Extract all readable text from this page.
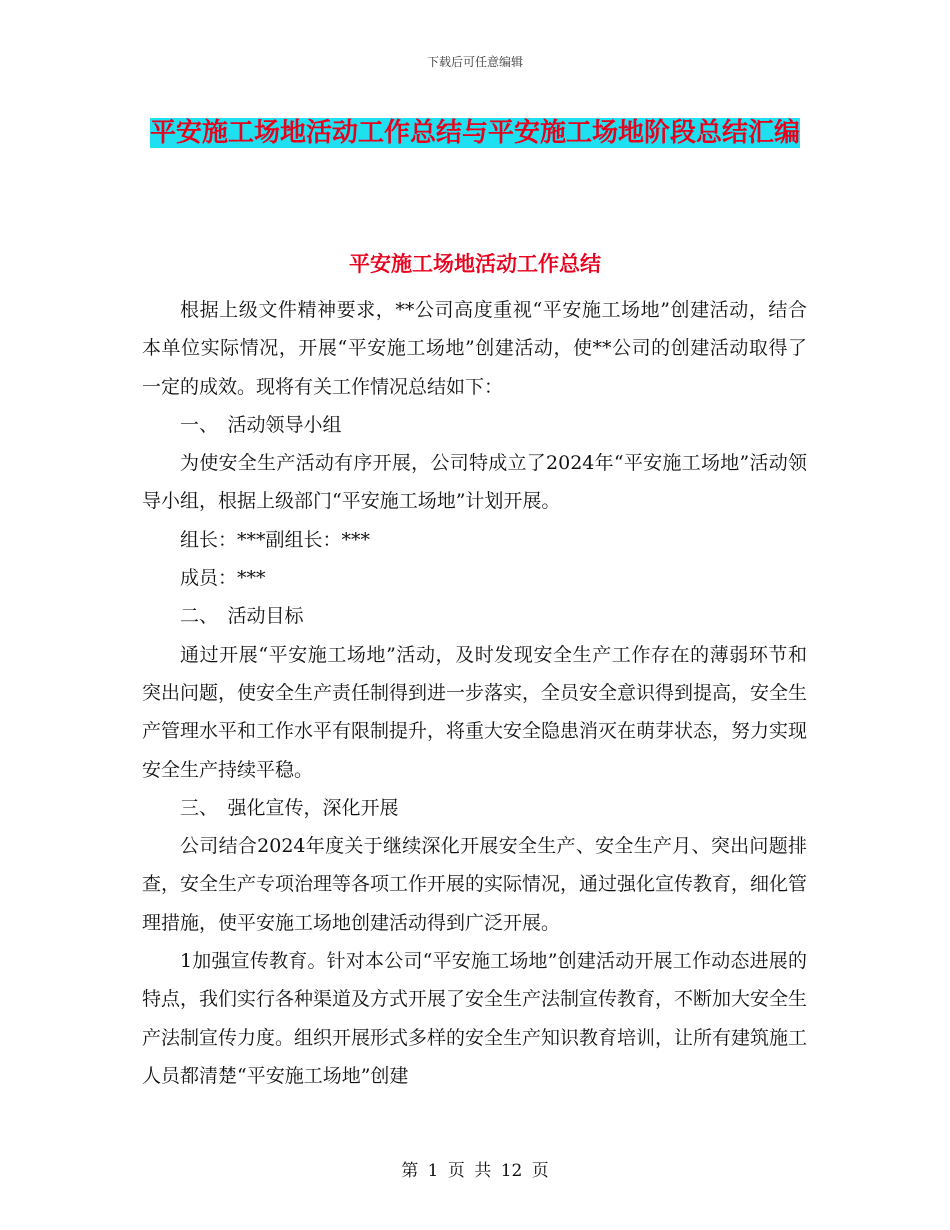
下载后可任意编辑
平安施工场地活动工作总结与平安施工场地阶段总结汇编
平安施工场地活动工作总结

根据上级文件精神要求，**公司高度重视“平安施工场地”创建活动，结合本单位实际情况，开展“平安施工场地”创建活动，使**公司的创建活动取得了一定的成效。现将有关工作情况总结如下：

一、　活动领导小组

为使安全生产活动有序开展，公司特成立了2024年“平安施工场地”活动领导小组，根据上级部门“平安施工场地”计划开展。

组长：***副组长：***

成员：***

二、　活动目标

通过开展“平安施工场地”活动，及时发现安全生产工作存在的薄弱环节和突出问题，使安全生产责任制得到进一步落实，全员安全意识得到提高，安全生产管理水平和工作水平有限制提升，将重大安全隐患消灭在萌芽状态，努力实现安全生产持续平稳。

三、　强化宣传，深化开展

公司结合2024年度关于继续深化开展安全生产、安全生产月、突出问题排查，安全生产专项治理等各项工作开展的实际情况，通过强化宣传教育，细化管理措施，使平安施工场地创建活动得到广泛开展。

1加强宣传教育。针对本公司“平安施工场地”创建活动开展工作动态进展的特点，我们实行各种渠道及方式开展了安全生产法制宣传教育，不断加大安全生产法制宣传力度。组织开展形式多样的安全生产知识教育培训，让所有建筑施工人员都清楚“平安施工场地”创建

第 1 页 共 12 页
